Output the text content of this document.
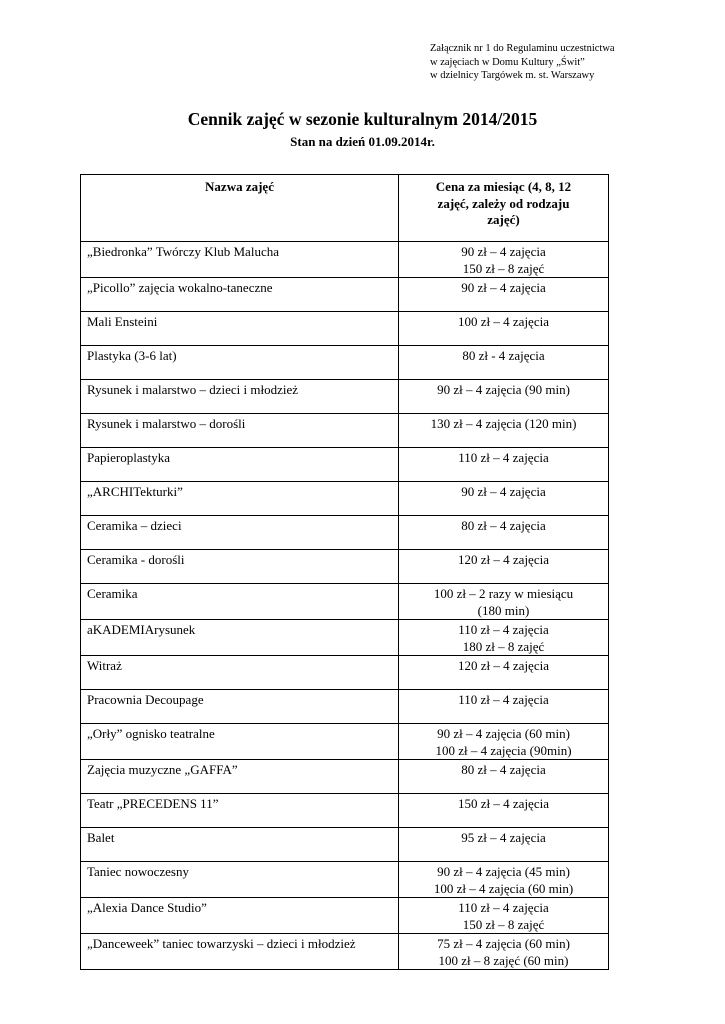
Załącznik nr 1 do Regulaminu uczestnictwa
w zajęciach w Domu Kultury „Świt”
w dzielnicy Targówek m. st. Warszawy
Cennik zajęć w sezonie kulturalnym 2014/2015
Stan na dzień 01.09.2014r.
Nazwa zajęć	Cena za miesiąc (4, 8, 12
zajęć, zależy od rodzaju
zajęć)

„Biedronka” Twórczy Klub Malucha	90 zł – 4 zajęcia
150 zł – 8 zajęć

„Picollo” zajęcia wokalno-taneczne	90 zł – 4 zajęcia

Mali Ensteini	100 zł – 4 zajęcia

Plastyka (3-6 lat)	80 zł - 4 zajęcia

Rysunek i malarstwo – dzieci i młodzież	90 zł – 4 zajęcia (90 min)

Rysunek i malarstwo – dorośli	130 zł – 4 zajęcia (120 min)

Papieroplastyka	110 zł – 4 zajęcia

„ARCHITekturki”	90 zł – 4 zajęcia

Ceramika – dzieci	80 zł – 4 zajęcia

Ceramika - dorośli	120 zł – 4 zajęcia

Ceramika	100 zł – 2 razy w miesiącu
(180 min)

aKADEMIArysunek	110 zł – 4 zajęcia
180 zł – 8 zajęć

Witraż	120 zł – 4 zajęcia

Pracownia Decoupage	110 zł – 4 zajęcia

„Orły” ognisko teatralne	90 zł – 4 zajęcia (60 min)
100 zł – 4 zajęcia (90min)

Zajęcia muzyczne „GAFFA”	80 zł – 4 zajęcia

Teatr „PRECEDENS 11”	150 zł – 4 zajęcia

Balet	95 zł – 4 zajęcia

Taniec nowoczesny	90 zł – 4 zajęcia (45 min)
100 zł – 4 zajęcia (60 min)

„Alexia Dance Studio”	110 zł – 4 zajęcia
150 zł – 8 zajęć

„Danceweek” taniec towarzyski – dzieci i młodzież	75 zł – 4 zajęcia (60 min)
100 zł – 8 zajęć (60 min)
